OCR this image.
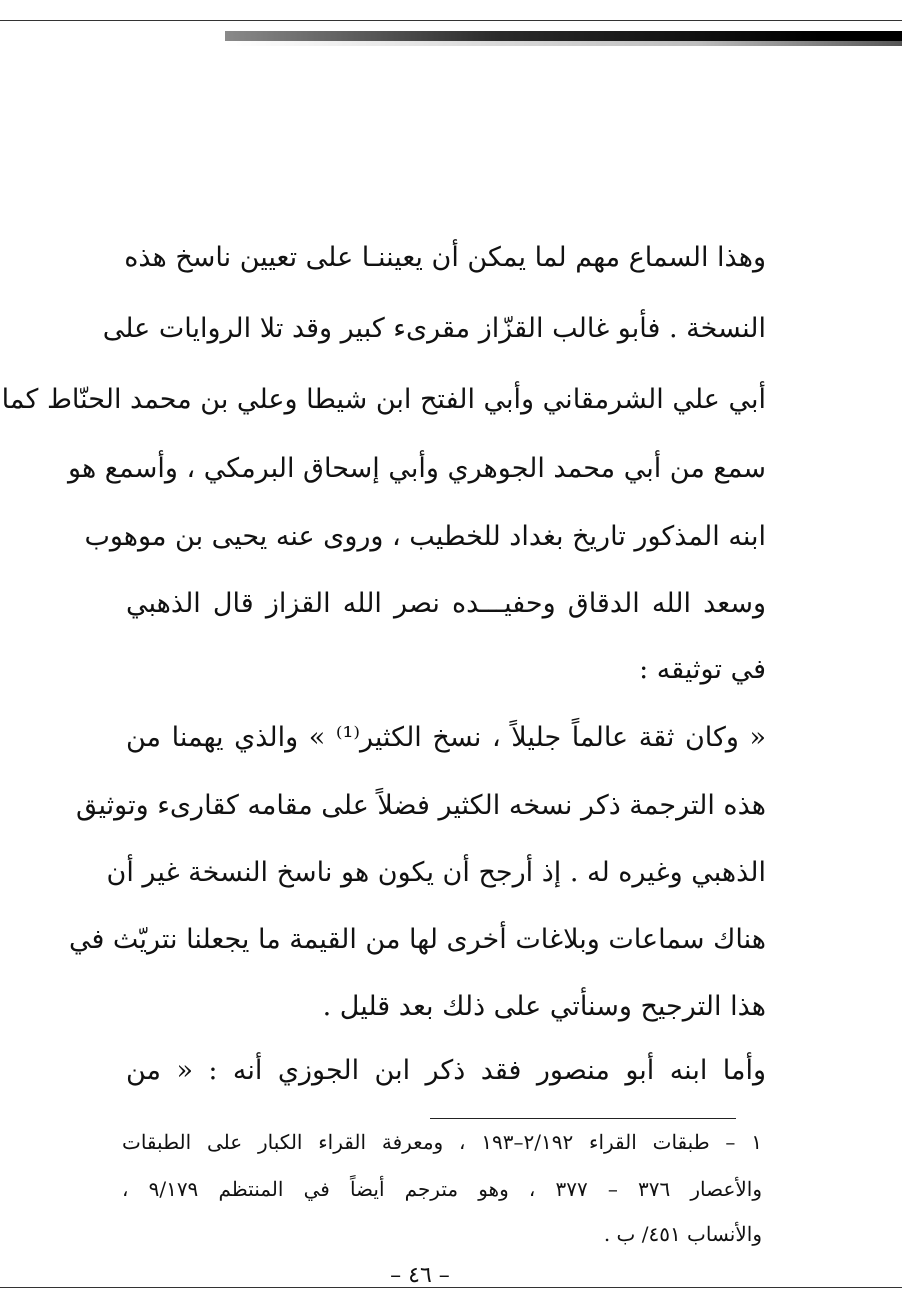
وهذا السماع مهم لما يمكن أن يعيننـا على تعيين ناسخ هذه
النسخة . فأبو غالب القزّاز مقرىء كبير وقد تلا الروايات على
أبي علي الشرمقاني وأبي الفتح ابن شيطا وعلي بن محمد الحنّاط كما
سمع من أبي محمد الجوهري وأبي إسحاق البرمكي ، وأسمع هو
ابنه المذكور تاريخ بغداد للخطيب ، وروى عنه يحيى بن موهوب
وسعد الله الدقاق وحفيـــده نصر الله القزاز قال الذهبي
في توثيقه :
« وكان ثقة عالماً جليلاً ، نسخ الكثير⁽¹⁾ » والذي يهمنا من
هذه الترجمة ذكر نسخه الكثير فضلاً على مقامه كقارىء وتوثيق
الذهبي وغيره له . إذ أرجح أن يكون هو ناسخ النسخة غير أن
هناك سماعات وبلاغات أخرى لها من القيمة ما يجعلنا نتريّث في
هذا الترجيح وسنأتي على ذلك بعد قليل .
وأما ابنه أبو منصور فقد ذكر ابن الجوزي أنه : « من
١ – طبقات القراء ٢/١٩٢–١٩٣ ، ومعرفة القراء الكبار على الطبقات
والأعصار ٣٧٦ – ٣٧٧ ، وهو مترجم أيضاً في المنتظم ٩/١٧٩ ،
والأنساب ٤٥١/ ب .
– ٤٦ –
